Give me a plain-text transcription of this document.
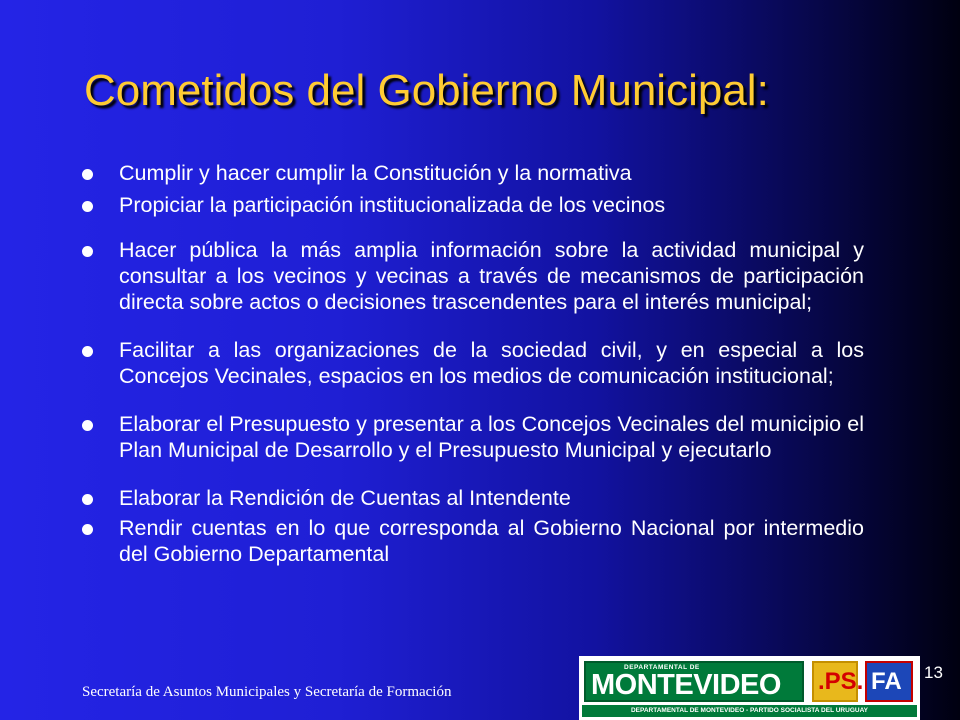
Cometidos del Gobierno Municipal:
Cumplir y hacer cumplir la Constitución y la normativa
Propiciar la participación institucionalizada de los vecinos
Hacer pública la más amplia información sobre la actividad municipal y consultar a los vecinos y vecinas a través de mecanismos de participación directa sobre actos o decisiones trascendentes para el interés municipal;
Facilitar a las organizaciones de la sociedad civil, y en especial a los Concejos Vecinales, espacios en los medios de comunicación institucional;
Elaborar el Presupuesto y presentar a los Concejos Vecinales del municipio el Plan Municipal de Desarrollo y el Presupuesto Municipal y ejecutarlo
Elaborar la Rendición de Cuentas al Intendente
Rendir cuentas en lo que corresponda al Gobierno Nacional por intermedio del Gobierno Departamental

Secretaría de Asuntos Municipales y Secretaría de Formación

DEPARTAMENTAL DE
MONTEVIDEO .PS. FA
DEPARTAMENTAL DE MONTEVIDEO - PARTIDO SOCIALISTA DEL URUGUAY
13
